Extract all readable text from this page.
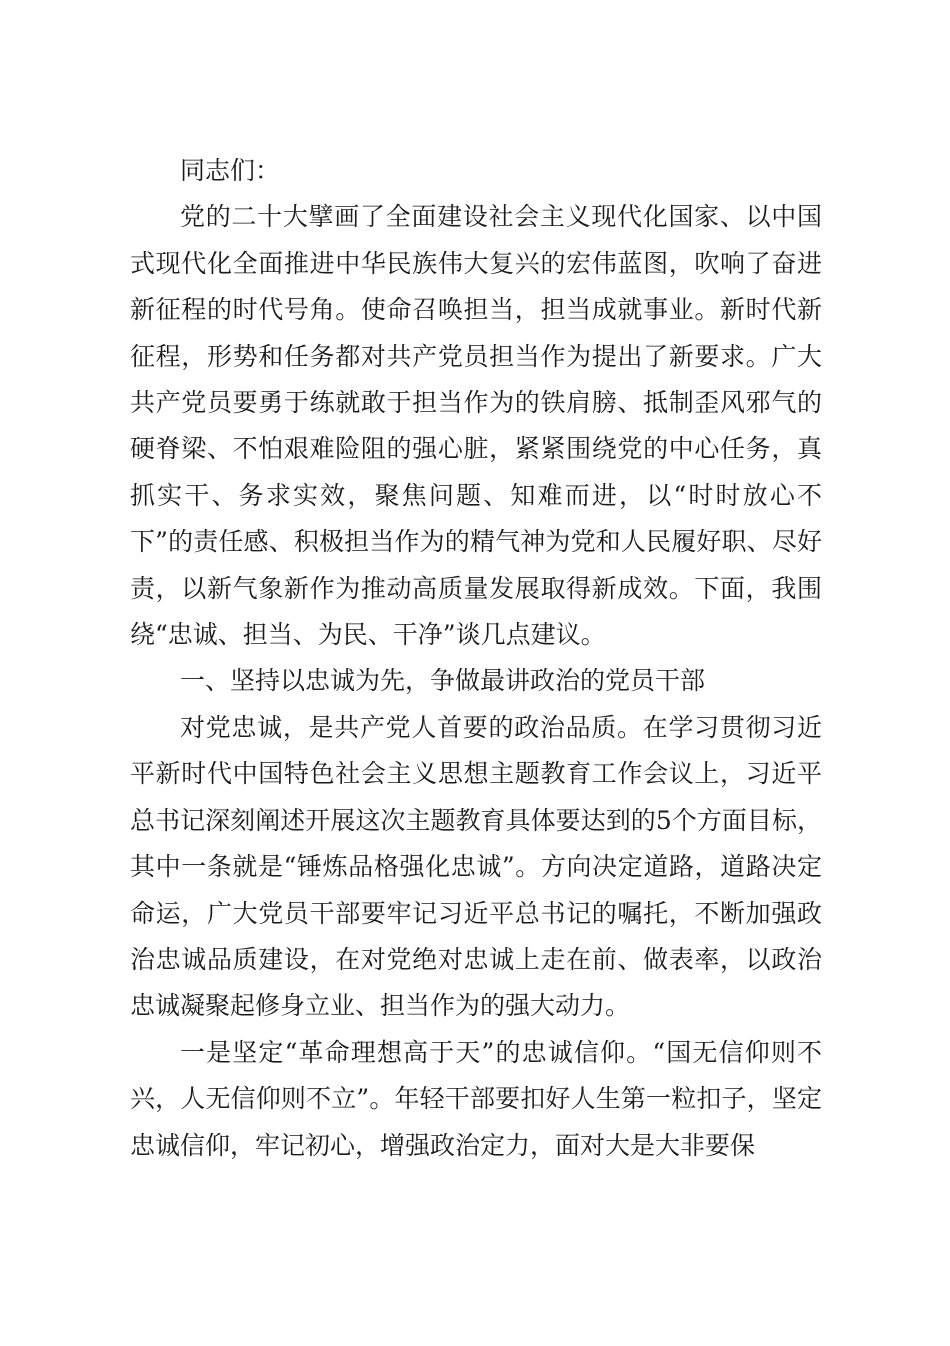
同志们：

党的二十大擘画了全面建设社会主义现代化国家、以中国式现代化全面推进中华民族伟大复兴的宏伟蓝图，吹响了奋进新征程的时代号角。使命召唤担当，担当成就事业。新时代新征程，形势和任务都对共产党员担当作为提出了新要求。广大共产党员要勇于练就敢于担当作为的铁肩膀、抵制歪风邪气的硬脊梁、不怕艰难险阻的强心脏，紧紧围绕党的中心任务，真抓实干、务求实效，聚焦问题、知难而进，以“时时放心不下”的责任感、积极担当作为的精气神为党和人民履好职、尽好责，以新气象新作为推动高质量发展取得新成效。下面，我围绕“忠诚、担当、为民、干净”谈几点建议。

一、坚持以忠诚为先，争做最讲政治的党员干部

对党忠诚，是共产党人首要的政治品质。在学习贯彻习近平新时代中国特色社会主义思想主题教育工作会议上，习近平总书记深刻阐述开展这次主题教育具体要达到的5个方面目标，其中一条就是“锤炼品格强化忠诚”。方向决定道路，道路决定命运，广大党员干部要牢记习近平总书记的嘱托，不断加强政治忠诚品质建设，在对党绝对忠诚上走在前、做表率，以政治忠诚凝聚起修身立业、担当作为的强大动力。

一是坚定“革命理想高于天”的忠诚信仰。“国无信仰则不兴，人无信仰则不立”。年轻干部要扣好人生第一粒扣子，坚定忠诚信仰，牢记初心，增强政治定力，面对大是大非要保
